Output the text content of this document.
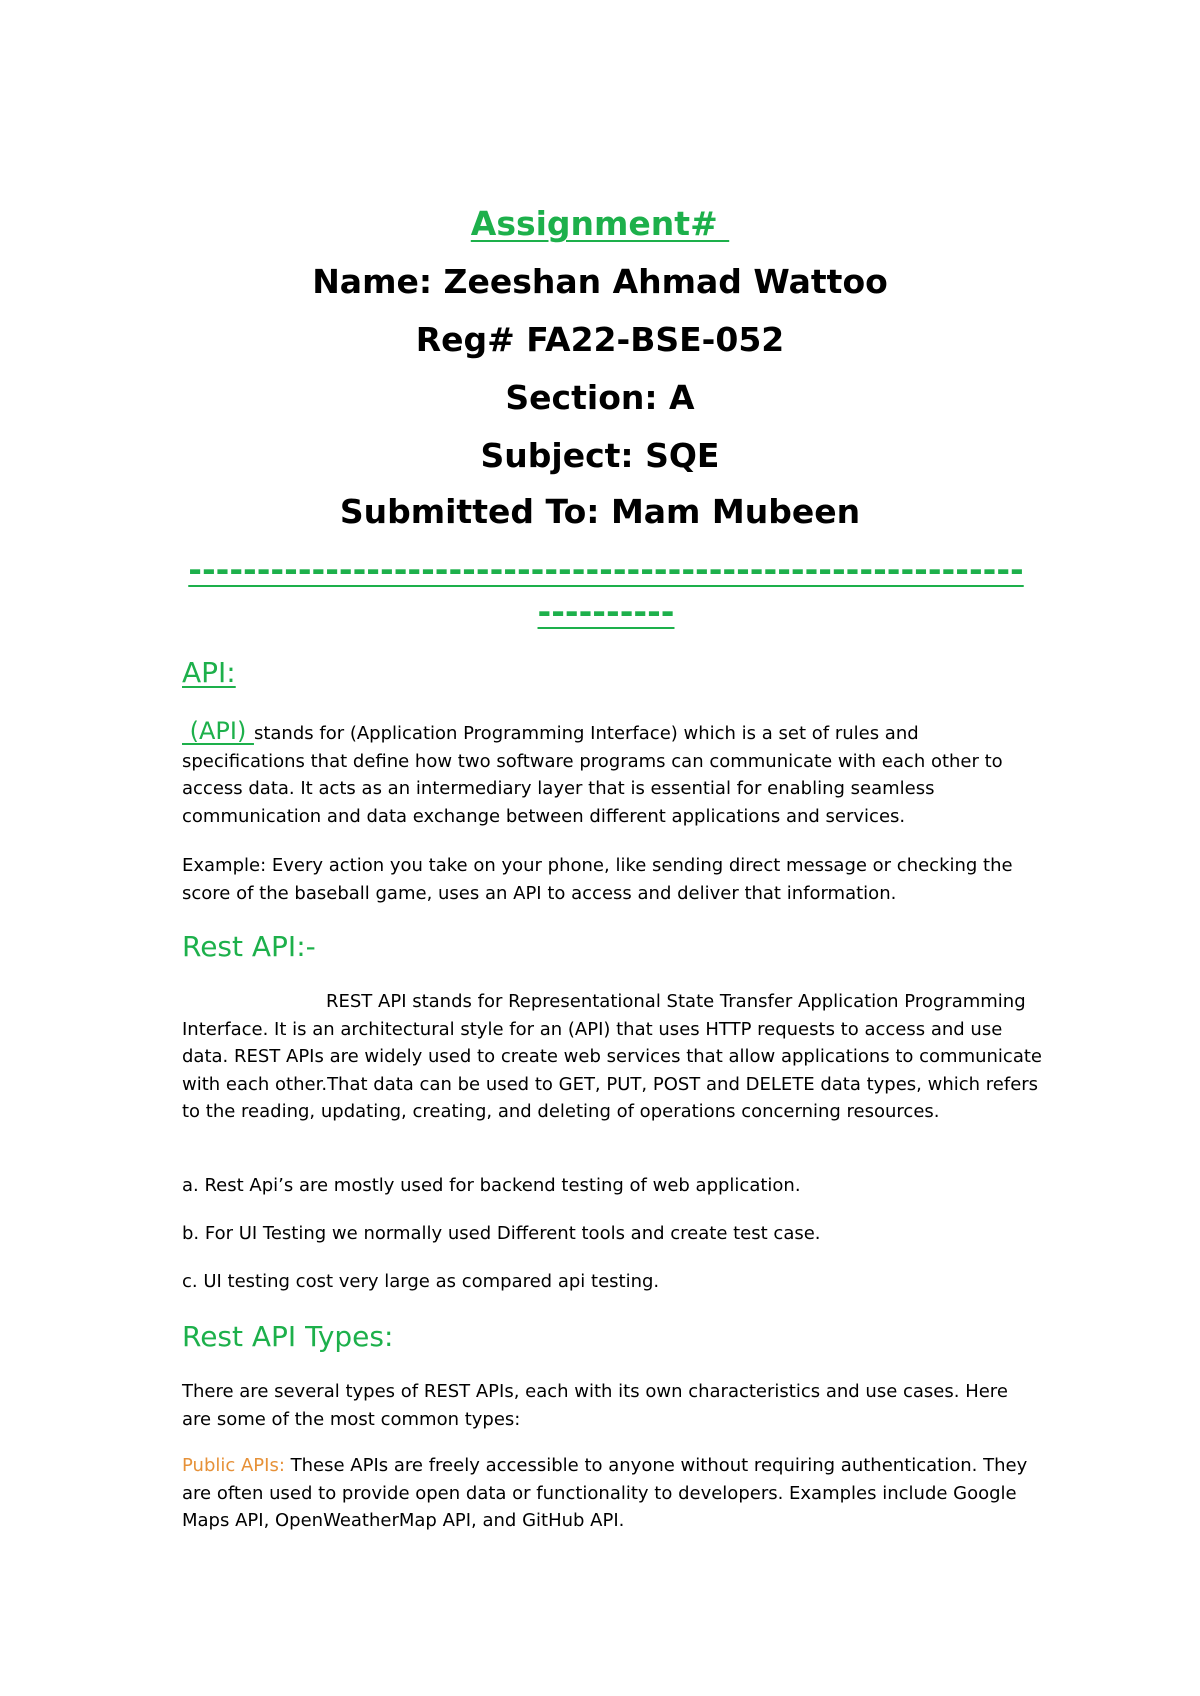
Assignment#
Name: Zeeshan Ahmad Wattoo
Reg# FA22-BSE-052
Section: A
Subject: SQE
Submitted To: Mam Mubeen
-------------------------------------------------------------
----------
API:
(API) stands for (Application Programming Interface) which is a set of rules and specifications that define how two software programs can communicate with each other to access data. It acts as an intermediary layer that is essential for enabling seamless communication and data exchange between different applications and services.
Example: Every action you take on your phone, like sending direct message or checking the score of the baseball game, uses an API to access and deliver that information.
Rest API:-
REST API stands for Representational State Transfer Application Programming Interface. It is an architectural style for an (API) that uses HTTP requests to access and use data. REST APIs are widely used to create web services that allow applications to communicate with each other.That data can be used to GET, PUT, POST and DELETE data types, which refers to the reading, updating, creating, and deleting of operations concerning resources.
a. Rest Api’s are mostly used for backend testing of web application.
b. For UI Testing we normally used Different tools and create test case.
c. UI testing cost very large as compared api testing.
Rest API Types:
There are several types of REST APIs, each with its own characteristics and use cases. Here are some of the most common types:
Public APIs: These APIs are freely accessible to anyone without requiring authentication. They are often used to provide open data or functionality to developers. Examples include Google Maps API, OpenWeatherMap API, and GitHub API.
